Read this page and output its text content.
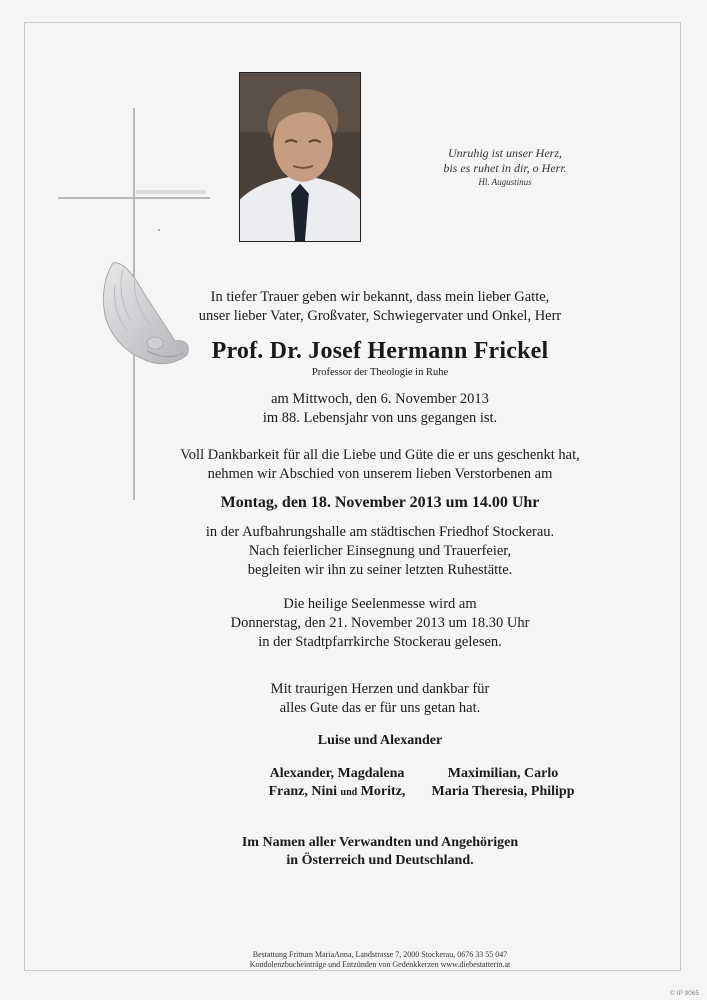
Unruhig ist unser Herz,
bis es ruhet in dir, o Herr.
Hl. Augustinus
In tiefer Trauer geben wir bekannt, dass mein lieber Gatte,
unser lieber Vater, Großvater, Schwiegervater und Onkel, Herr
Prof. Dr. Josef Hermann Frickel
Professor der Theologie in Ruhe
am Mittwoch, den 6. November 2013
im 88. Lebensjahr von uns gegangen ist.
Voll Dankbarkeit für all die Liebe und Güte die er uns geschenkt hat,
nehmen wir Abschied von unserem lieben Verstorbenen am
Montag, den 18. November 2013 um 14.00 Uhr
in der Aufbahrungshalle am städtischen Friedhof Stockerau.
Nach feierlicher Einsegnung und Trauerfeier,
begleiten wir ihn zu seiner letzten Ruhestätte.
Die heilige Seelenmesse wird am
Donnerstag, den 21. November 2013 um 18.30 Uhr
in der Stadtpfarrkirche Stockerau gelesen.
Mit traurigen Herzen und dankbar für
alles Gute das er für uns getan hat.
Luise und Alexander
Alexander, Magdalena
Franz, Nini und Moritz,
Maximilian, Carlo
Maria Theresia, Philipp
Im Namen aller Verwandten und Angehörigen
in Österreich und Deutschland.
Bestattung Frittum MariaAnna, Landstrasse 7, 2000 Stockerau, 0676 33 55 047
Kondolenzbucheinträge und Entzünden von Gedenkkerzen www.diebestatterin.at
© IP 9065
